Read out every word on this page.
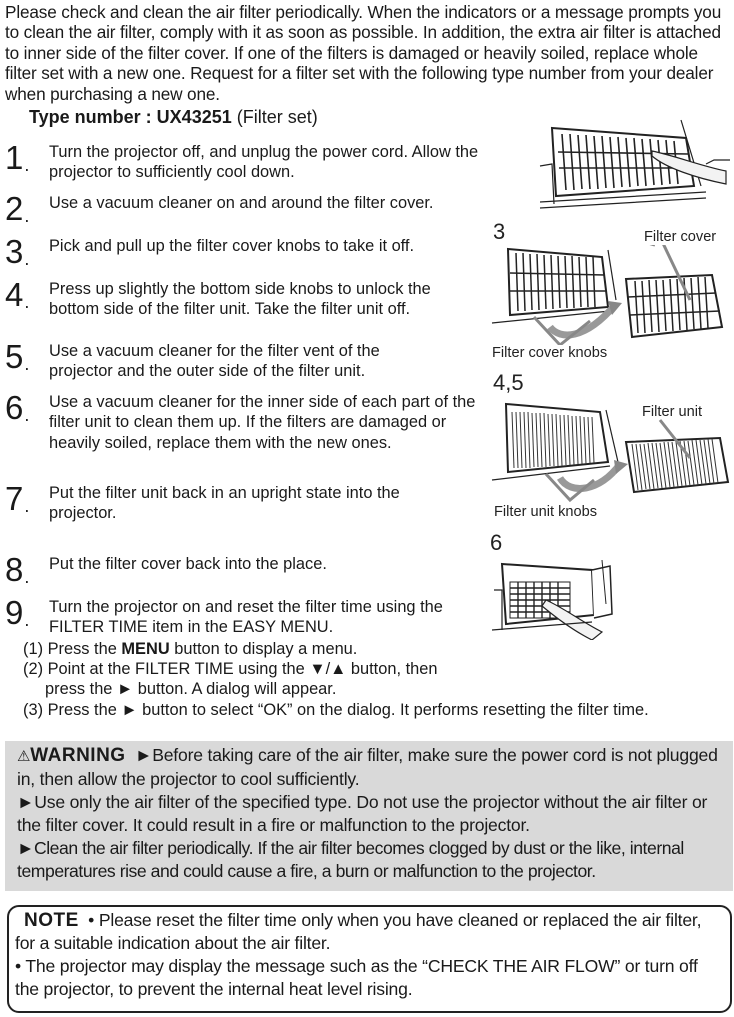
Please check and clean the air filter periodically. When the indicators or a message prompts you to clean the air filter, comply with it as soon as possible. In addition, the extra air filter is attached to inner side of the filter cover. If one of the filters is damaged or heavily soiled, replace whole filter set with a new one. Request for a filter set with the following type number from your dealer when purchasing a new one.
Type number : UX43251 (Filter set)
1.
Turn the projector off, and unplug the power cord. Allow the projector to sufficiently cool down.
2.
Use a vacuum cleaner on and around the filter cover.
3.
Pick and pull up the filter cover knobs to take it off.
4.
Press up slightly the bottom side knobs to unlock the bottom side of the filter unit. Take the filter unit off.
5.
Use a vacuum cleaner for the filter vent of the projector and the outer side of the filter unit.
6.
Use a vacuum cleaner for the inner side of each part of the filter unit to clean them up. If the filters are damaged or heavily soiled, replace them with the new ones.
7.
Put the filter unit back in an upright state into the projector.
8.
Put the filter cover back into the place.
9.
Turn the projector on and reset the filter time using the FILTER TIME item in the EASY MENU.
(1) Press the MENU button to display a menu.
(2) Point at the FILTER TIME using the ▼/▲ button, then
press the ► button. A dialog will appear.
(3) Press the ► button to select “OK” on the dialog. It performs resetting the filter time.
3	Filter cover
Filter cover knobs
4,5
Filter unit
Filter unit knobs
6
⚠WARNING ►Before taking care of the air filter, make sure the power cord is not plugged in, then allow the projector to cool sufficiently.
►Use only the air filter of the specified type. Do not use the projector without the air filter or the filter cover. It could result in a fire or malfunction to the projector.
►Clean the air filter periodically. If the air filter becomes clogged by dust or the like, internal temperatures rise and could cause a fire, a burn or malfunction to the projector.
NOTE • Please reset the filter time only when you have cleaned or replaced the air filter, for a suitable indication about the air filter.
• The projector may display the message such as the “CHECK THE AIR FLOW” or turn off the projector, to prevent the internal heat level rising.
